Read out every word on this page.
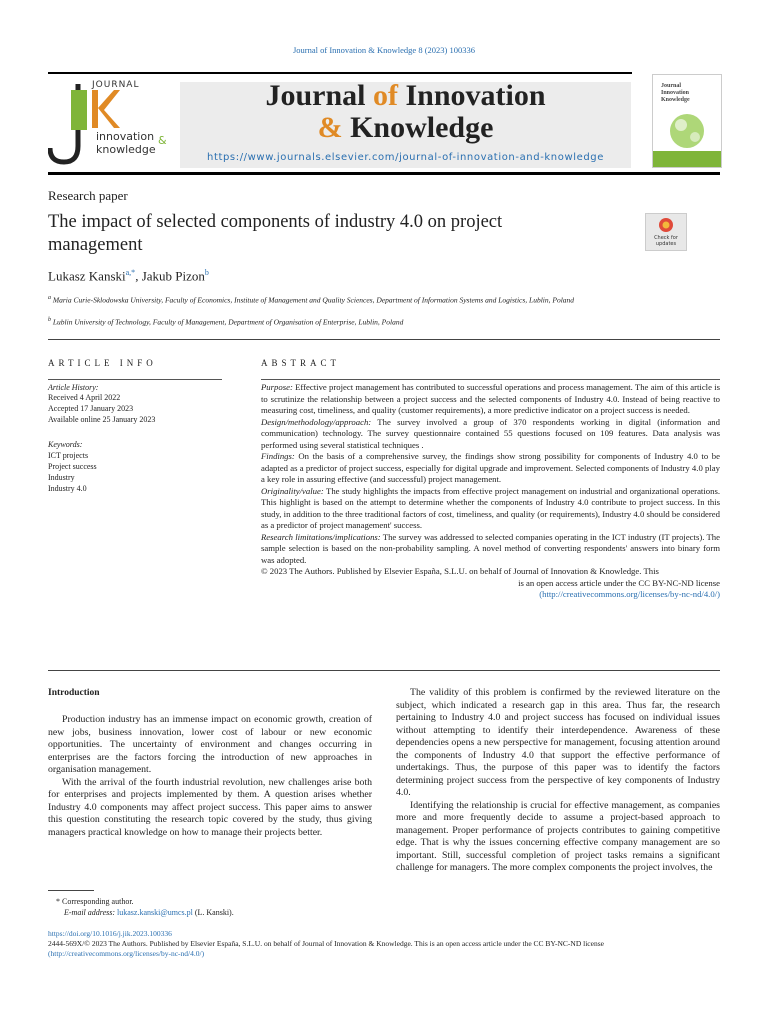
Journal of Innovation & Knowledge 8 (2023) 100336
JOURNAL
innovation &
knowledge
Journal of Innovation
& Knowledge
https://www.journals.elsevier.com/journal-of-innovation-and-knowledge
Journal
Innovation
Knowledge
Research paper
The impact of selected components of industry 4.0 on project management	Check for updates
Lukasz Kanski$^{a,*}$, Jakub Pizon$^b$
$^a$ Maria Curie-Sklodowska University, Faculty of Economics, Institute of Management and Quality Sciences, Department of Information Systems and Logistics, Lublin, Poland
$^b$ Lublin University of Technology, Faculty of Management, Department of Organisation of Enterprise, Lublin, Poland
ARTICLE INFO
Article History:
Received 4 April 2022
Accepted 17 January 2023
Available online 25 January 2023
Keywords:
ICT projects
Project success
Industry
Industry 4.0
ABSTRACT

Purpose: Effective project management has contributed to successful operations and process management. The aim of this article is to scrutinize the relationship between a project success and the selected components of Industry 4.0. Instead of being reactive to measuring cost, timeliness, and quality (customer requirements), a more predictive indicator on a project success is needed.

Design/methodology/approach: The survey involved a group of 370 respondents working in digital (information and communication) technology. The survey questionnaire contained 55 questions focused on 109 features. Data analysis was performed using several statistical techniques .

Findings: On the basis of a comprehensive survey, the findings show strong possibility for components of Industry 4.0 to be adapted as a predictor of project success, especially for digital upgrade and improvement. Selected components of Industry 4.0 play a key role in assuring effective (and successful) project management.

Originality/value: The study highlights the impacts from effective project management on industrial and organizational operations. This highlight is based on the attempt to determine whether the components of Industry 4.0 contribute to project success. In this study, in addition to the three traditional factors of cost, timeliness, and quality (or requirements), Industry 4.0 should be considered as a predictor of project management' success.

Research limitations/implications: The survey was addressed to selected companies operating in the ICT industry (IT projects). The sample selection is based on the non-probability sampling. A novel method of converting respondents' answers into binary form was adopted.

© 2023 The Authors. Published by Elsevier España, S.L.U. on behalf of Journal of Innovation & Knowledge. This

is an open access article under the CC BY-NC-ND license

(http://creativecommons.org/licenses/by-nc-nd/4.0/)

Introduction

Production industry has an immense impact on economic growth, creation of new jobs, business innovation, lower cost of labour or new economic opportunities. The uncertainty of environment and changes occurring in enterprises are the factors forcing the introduction of new approaches in organisation management.

With the arrival of the fourth industrial revolution, new challenges arise both for enterprises and projects implemented by them. A question arises whether Industry 4.0 components may affect project success. This paper aims to answer this question constituting the research topic covered by the study, thus giving managers practical knowledge on how to manage their projects better.

The validity of this problem is confirmed by the reviewed literature on the subject, which indicated a research gap in this area. Thus far, the research pertaining to Industry 4.0 and project success has focused on individual issues without attempting to identify their interdependence. Awareness of these dependencies opens a new perspective for management, focusing attention around the components of Industry 4.0 that support the effective performance of undertakings. Thus, the purpose of this paper was to identify the factors determining project success from the perspective of key components of Industry 4.0.

Identifying the relationship is crucial for effective management, as companies more and more frequently decide to assume a project-based approach to management. Proper performance of projects contributes to gaining competitive edge. That is why the issues concerning effective company management are so important. Still, successful completion of project tasks remains a significant challenge for managers. The more complex components the project involves, the

* Corresponding author.
E-mail address: lukasz.kanski@umcs.pl (L. Kanski).
https://doi.org/10.1016/j.jik.2023.100336
2444-569X/© 2023 The Authors. Published by Elsevier España, S.L.U. on behalf of Journal of Innovation & Knowledge. This is an open access article under the CC BY-NC-ND license
(http://creativecommons.org/licenses/by-nc-nd/4.0/)
